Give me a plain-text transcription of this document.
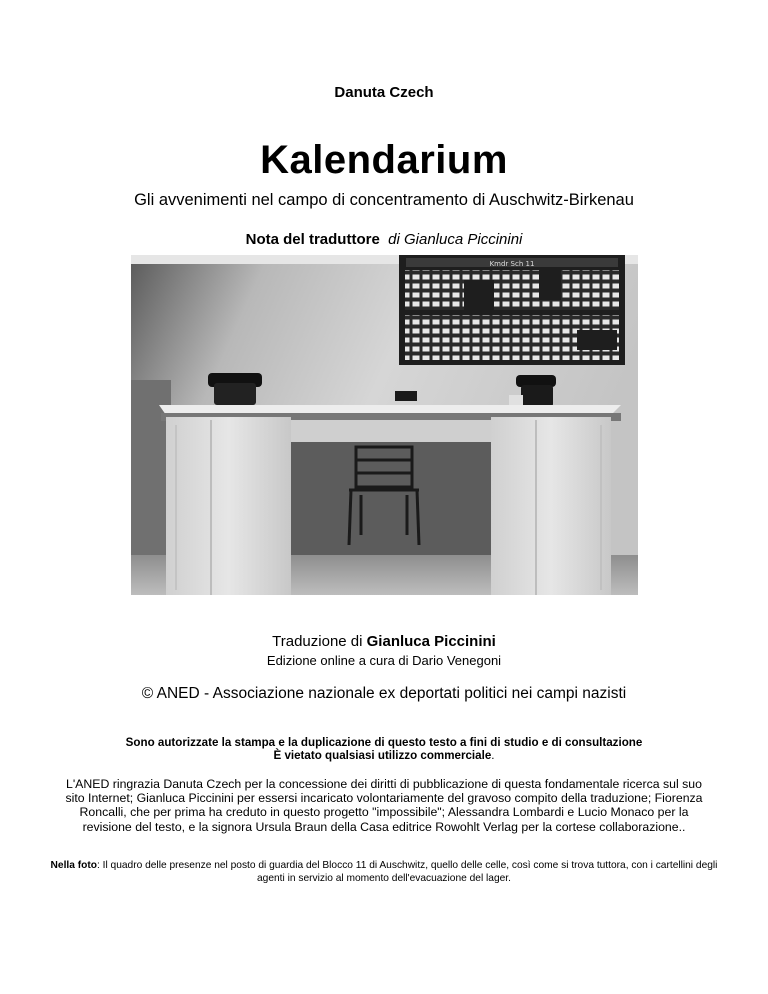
Danuta Czech
Kalendarium
Gli avvenimenti nel campo di concentramento di Auschwitz-Birkenau
Nota del traduttore di Gianluca Piccinini
Kmdr Sch 11
Traduzione di Gianluca Piccinini
Edizione online a cura di Dario Venegoni
© ANED - Associazione nazionale ex deportati politici nei campi nazisti
Sono autorizzate la stampa e la duplicazione di questo testo a fini di studio e di consultazione
È vietato qualsiasi utilizzo commerciale.
L'ANED ringrazia Danuta Czech per la concessione dei diritti di pubblicazione di questa fondamentale ricerca sul suo sito Internet; Gianluca Piccinini per essersi incaricato volontariamente del gravoso compito della traduzione; Fiorenza Roncalli, che per prima ha creduto in questo progetto "impossibile"; Alessandra Lombardi e Lucio Monaco per la revisione del testo, e la signora Ursula Braun della Casa editrice Rowohlt Verlag per la cortese collaborazione..
Nella foto: Il quadro delle presenze nel posto di guardia del Blocco 11 di Auschwitz, quello delle celle, così come si trova tuttora, con i cartellini degli agenti in servizio al momento dell'evacuazione del lager.
